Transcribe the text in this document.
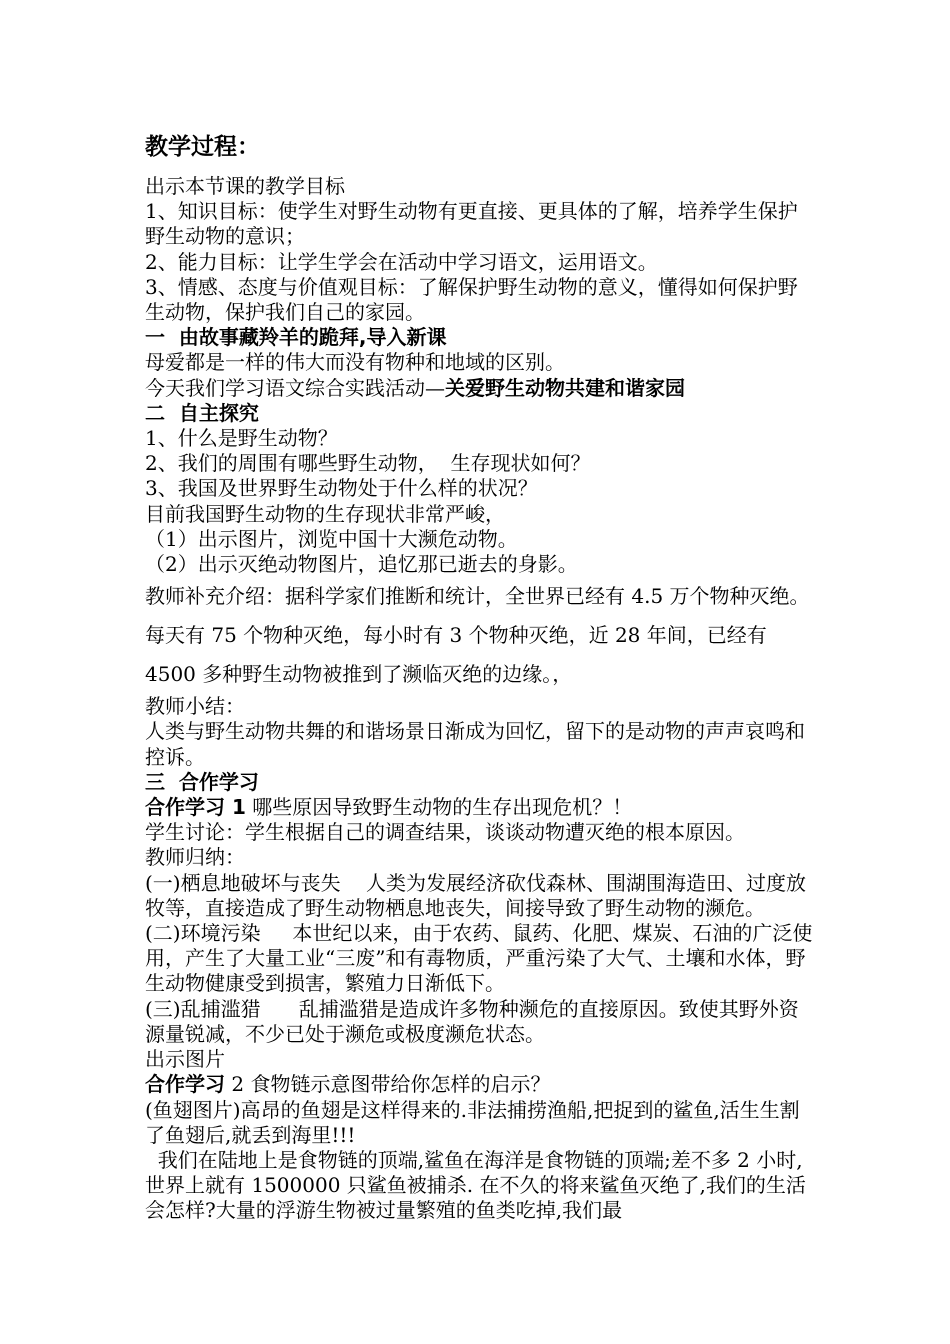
教学过程：

出示本节课的教学目标

1、知识目标：使学生对野生动物有更直接、更具体的了解，培养学生保护野生动物的意识；

2、能力目标：让学生学会在活动中学习语文，运用语文。

3、情感、态度与价值观目标：了解保护野生动物的意义，懂得如何保护野生动物，保护我们自己的家园。

一  由故事藏羚羊的跪拜,导入新课

母爱都是一样的伟大而没有物种和地域的区别。

今天我们学习语文综合实践活动—关爱野生动物共建和谐家园

二  自主探究

1、什么是野生动物？

2、我们的周围有哪些野生动物，  生存现状如何？

3、我国及世界野生动物处于什么样的状况？

目前我国野生动物的生存现状非常严峻，

（1）出示图片，浏览中国十大濒危动物。

（2）出示灭绝动物图片，追忆那已逝去的身影。

教师补充介绍：据科学家们推断和统计，全世界已经有 4.5 万个物种灭绝。每天有 75 个物种灭绝，每小时有 3 个物种灭绝，近 28 年间，已经有 4500 多种野生动物被推到了濒临灭绝的边缘。，

教师小结：

人类与野生动物共舞的和谐场景日渐成为回忆，留下的是动物的声声哀鸣和控诉。

三  合作学习

合作学习 1 哪些原因导致野生动物的生存出现危机？！

学生讨论：学生根据自己的调查结果，谈谈动物遭灭绝的根本原因。

教师归纳：

(一)栖息地破坏与丧失    人类为发展经济砍伐森林、围湖围海造田、过度放牧等，直接造成了野生动物栖息地丧失，间接导致了野生动物的濒危。

(二)环境污染     本世纪以来，由于农药、鼠药、化肥、煤炭、石油的广泛使用，产生了大量工业“三废”和有毒物质，严重污染了大气、土壤和水体，野生动物健康受到损害，繁殖力日渐低下。

(三)乱捕滥猎      乱捕滥猎是造成许多物种濒危的直接原因。致使其野外资源量锐减，不少已处于濒危或极度濒危状态。

出示图片

合作学习 2 食物链示意图带给你怎样的启示？

(鱼翅图片)高昂的鱼翅是这样得来的.非法捕捞渔船,把捉到的鲨鱼,活生生割了鱼翅后,就丢到海里!!!

我们在陆地上是食物链的顶端,鲨鱼在海洋是食物链的顶端;差不多 2 小时,世界上就有 1500000 只鲨鱼被捕杀. 在不久的将来鲨鱼灭绝了,我们的生活会怎样?大量的浮游生物被过量繁殖的鱼类吃掉,我们最
